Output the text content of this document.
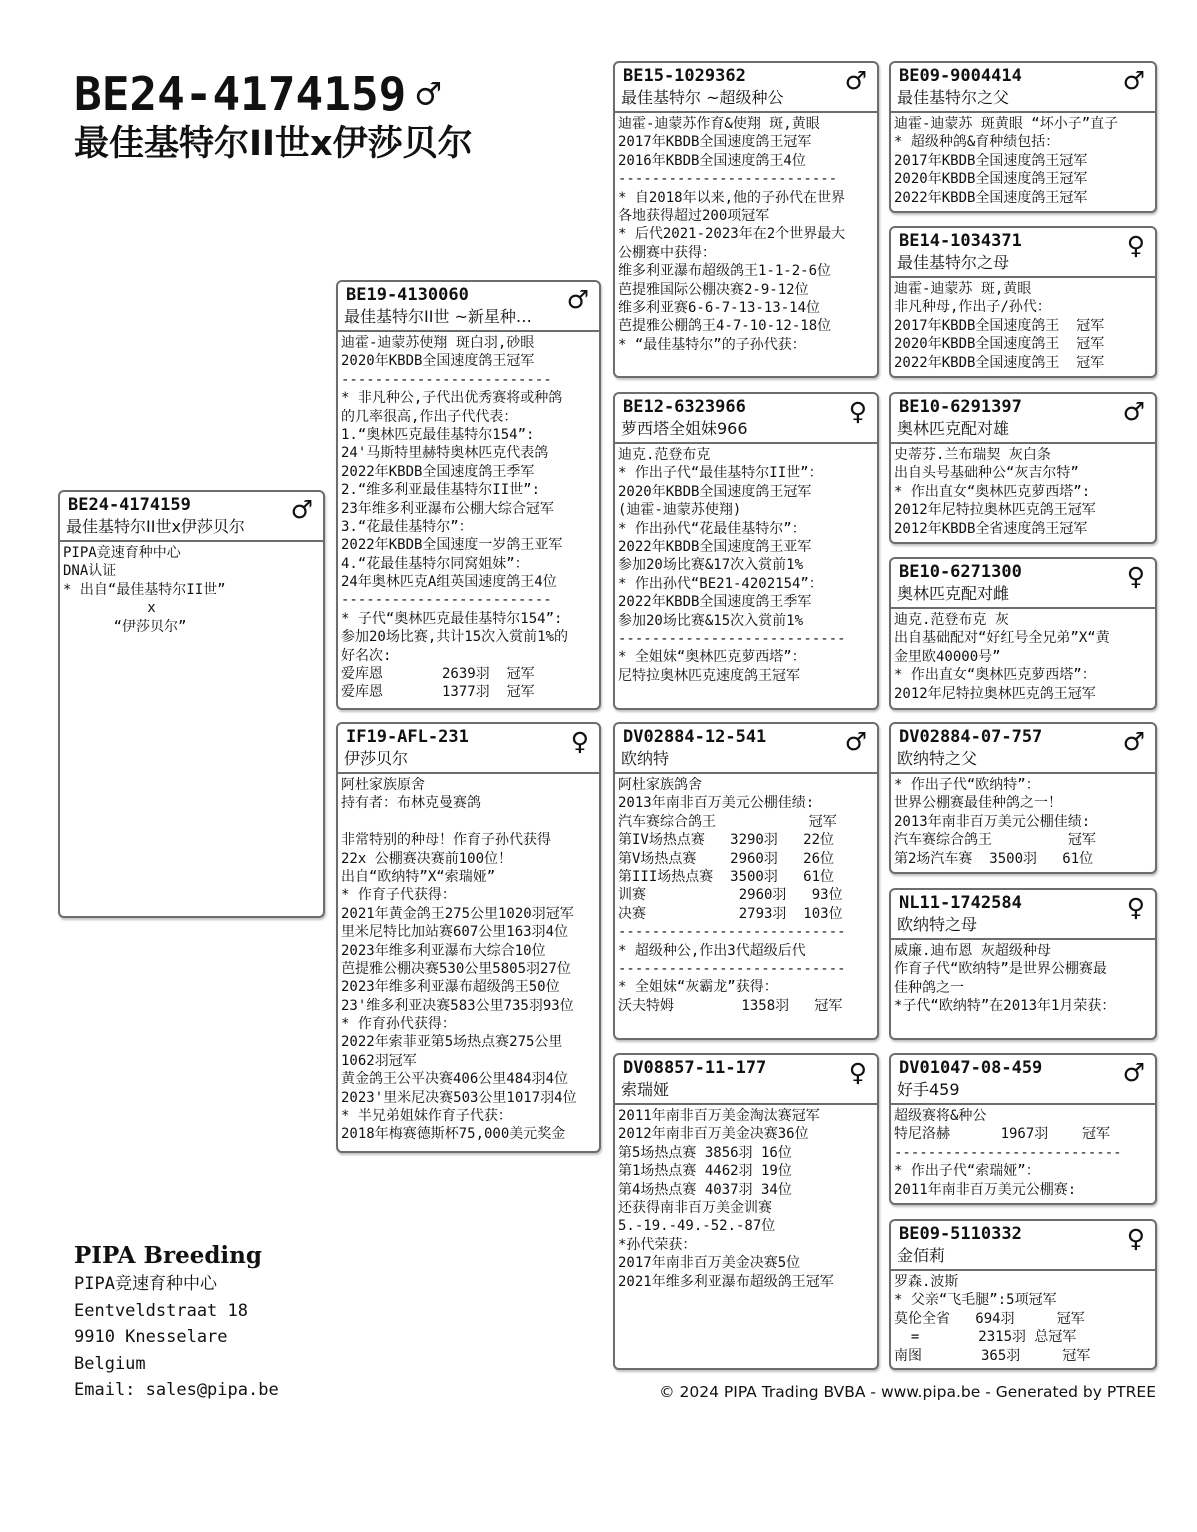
BE24-4174159 ♂
最佳基特尔II世x伊莎贝尔
BE24-4174159
最佳基特尔II世x伊莎贝尔
♂
PIPA竞速育种中心
DNA认证
* 出自“最佳基特尔II世”
x
“伊莎贝尔”
BE19-4130060
最佳基特尔II世 ~新星种…
♂
迪霍-迪蒙苏使翔 斑白羽,砂眼
2020年KBDB全国速度鸽王冠军
-------------------------
* 非凡种公,子代出优秀赛将或种鸽
的几率很高,作出子代代表：
1.“奥林匹克最佳基特尔154”:
24'马斯特里赫特奥林匹克代表鸽
2022年KBDB全国速度鸽王季军
2.“维多利亚最佳基特尔II世”:
23年维多利亚瀑布公棚大综合冠军
3.“花最佳基特尔”：
2022年KBDB全国速度一岁鸽王亚军
4.“花最佳基特尔同窝姐妹”：
24年奥林匹克A组英国速度鸽王4位
-------------------------
* 子代“奥林匹克最佳基特尔154”:
参加20场比赛,共计15次入赏前1%的
好名次:
爱库恩       2639羽  冠军
爱库恩       1377羽  冠军
IF19-AFL-231
伊莎贝尔
♀
阿杜家族原舍
持有者：布林克曼赛鸽
非常特别的种母！作育子孙代获得
22x 公棚赛决赛前100位！
出自“欧纳特”X“索瑞娅”
* 作育子代获得：
2021年黄金鸽王275公里1020羽冠军
里米尼特比加站赛607公里163羽4位
2023年维多利亚瀑布大综合10位
芭提雅公棚决赛530公里5805羽27位
2023年维多利亚瀑布超级鸽王50位
23'维多利亚决赛583公里735羽93位
* 作育孙代获得：
2022年索菲亚第5场热点赛275公里
1062羽冠军
黄金鸽王公平决赛406公里484羽4位
2023'里米尼决赛503公里1017羽4位
* 半兄弟姐妹作育子代获：
2018年梅赛德斯杯75,000美元奖金
BE15-1029362
最佳基特尔 ~超级种公
♂
迪霍-迪蒙苏作育&使翔 斑,黄眼
2017年KBDB全国速度鸽王冠军
2016年KBDB全国速度鸽王4位
--------------------------
* 自2018年以来,他的子孙代在世界
各地获得超过200项冠军
* 后代2021-2023年在2个世界最大
公棚赛中获得：
维多利亚瀑布超级鸽王1-1-2-6位
芭提雅国际公棚决赛2-9-12位
维多利亚赛6-6-7-13-13-14位
芭提雅公棚鸽王4-7-10-12-18位
* “最佳基特尔”的子孙代获：
BE12-6323966
萝西塔全姐妹966
♀
迪克.范登布克
* 作出子代“最佳基特尔II世”：
2020年KBDB全国速度鸽王冠军
(迪霍-迪蒙苏使翔)
* 作出孙代“花最佳基特尔”：
2022年KBDB全国速度鸽王亚军
参加20场比赛&17次入赏前1%
* 作出孙代“BE21-4202154”：
2022年KBDB全国速度鸽王季军
参加20场比赛&15次入赏前1%
---------------------------
* 全姐妹“奥林匹克萝西塔”：
尼特拉奥林匹克速度鸽王冠军
DV02884-12-541
欧纳特
♂
阿杜家族鸽舍
2013年南非百万美元公棚佳绩:
汽车赛综合鸽王           冠军
第IV场热点赛   3290羽   22位
第V场热点赛    2960羽   26位
第III场热点赛  3500羽   61位
训赛           2960羽   93位
决赛           2793羽  103位
---------------------------
* 超级种公,作出3代超级后代
---------------------------
* 全姐妹“灰霸龙”获得：
沃夫特姆        1358羽   冠军
DV08857-11-177
索瑞娅
♀
2011年南非百万美金淘汰赛冠军
2012年南非百万美金决赛36位
第5场热点赛 3856羽 16位
第1场热点赛 4462羽 19位
第4场热点赛 4037羽 34位
还获得南非百万美金训赛
5.-19.-49.-52.-87位
*孙代荣获：
2017年南非百万美金决赛5位
2021年维多利亚瀑布超级鸽王冠军
BE09-9004414
最佳基特尔之父
♂
迪霍-迪蒙苏 斑黄眼 “坏小子”直子
* 超级种鸽&育种绩包括：
2017年KBDB全国速度鸽王冠军
2020年KBDB全国速度鸽王冠军
2022年KBDB全国速度鸽王冠军
BE14-1034371
最佳基特尔之母
♀
迪霍-迪蒙苏 斑,黄眼
非凡种母,作出子/孙代：
2017年KBDB全国速度鸽王  冠军
2020年KBDB全国速度鸽王  冠军
2022年KBDB全国速度鸽王  冠军
BE10-6291397
奥林匹克配对雄
♂
史蒂芬.兰布瑞契 灰白条
出自头号基础种公“灰吉尔特”
* 作出直女“奥林匹克萝西塔”:
2012年尼特拉奥林匹克鸽王冠军
2012年KBDB全省速度鸽王冠军
BE10-6271300
奥林匹克配对雌
♀
迪克.范登布克 灰
出自基础配对“好红号全兄弟”X“黄
金里欧40000号”
* 作出直女“奥林匹克萝西塔”：
2012年尼特拉奥林匹克鸽王冠军
DV02884-07-757
欧纳特之父
♂
* 作出子代“欧纳特”：
世界公棚赛最佳种鸽之一！
2013年南非百万美元公棚佳绩:
汽车赛综合鸽王         冠军
第2场汽车赛  3500羽   61位
NL11-1742584
欧纳特之母
♀
威廉.迪布恩 灰超级种母
作育子代“欧纳特”是世界公棚赛最
佳种鸽之一
*子代“欧纳特”在2013年1月荣获：
DV01047-08-459
好手459
♂
超级赛将&种公
特尼洛赫      1967羽    冠军
---------------------------
* 作出子代“索瑞娅”：
2011年南非百万美元公棚赛:
BE09-5110332
金佰莉
♀
罗森.波斯
* 父亲“飞毛腿”:5项冠军
莫伦全省   694羽     冠军
=       2315羽 总冠军
南图       365羽     冠军
PIPA Breeding
PIPA竞速育种中心
Eentveldstraat 18
9910 Knesselare
Belgium
Email: sales@pipa.be	© 2024 PIPA Trading BVBA - www.pipa.be - Generated by PTREE
